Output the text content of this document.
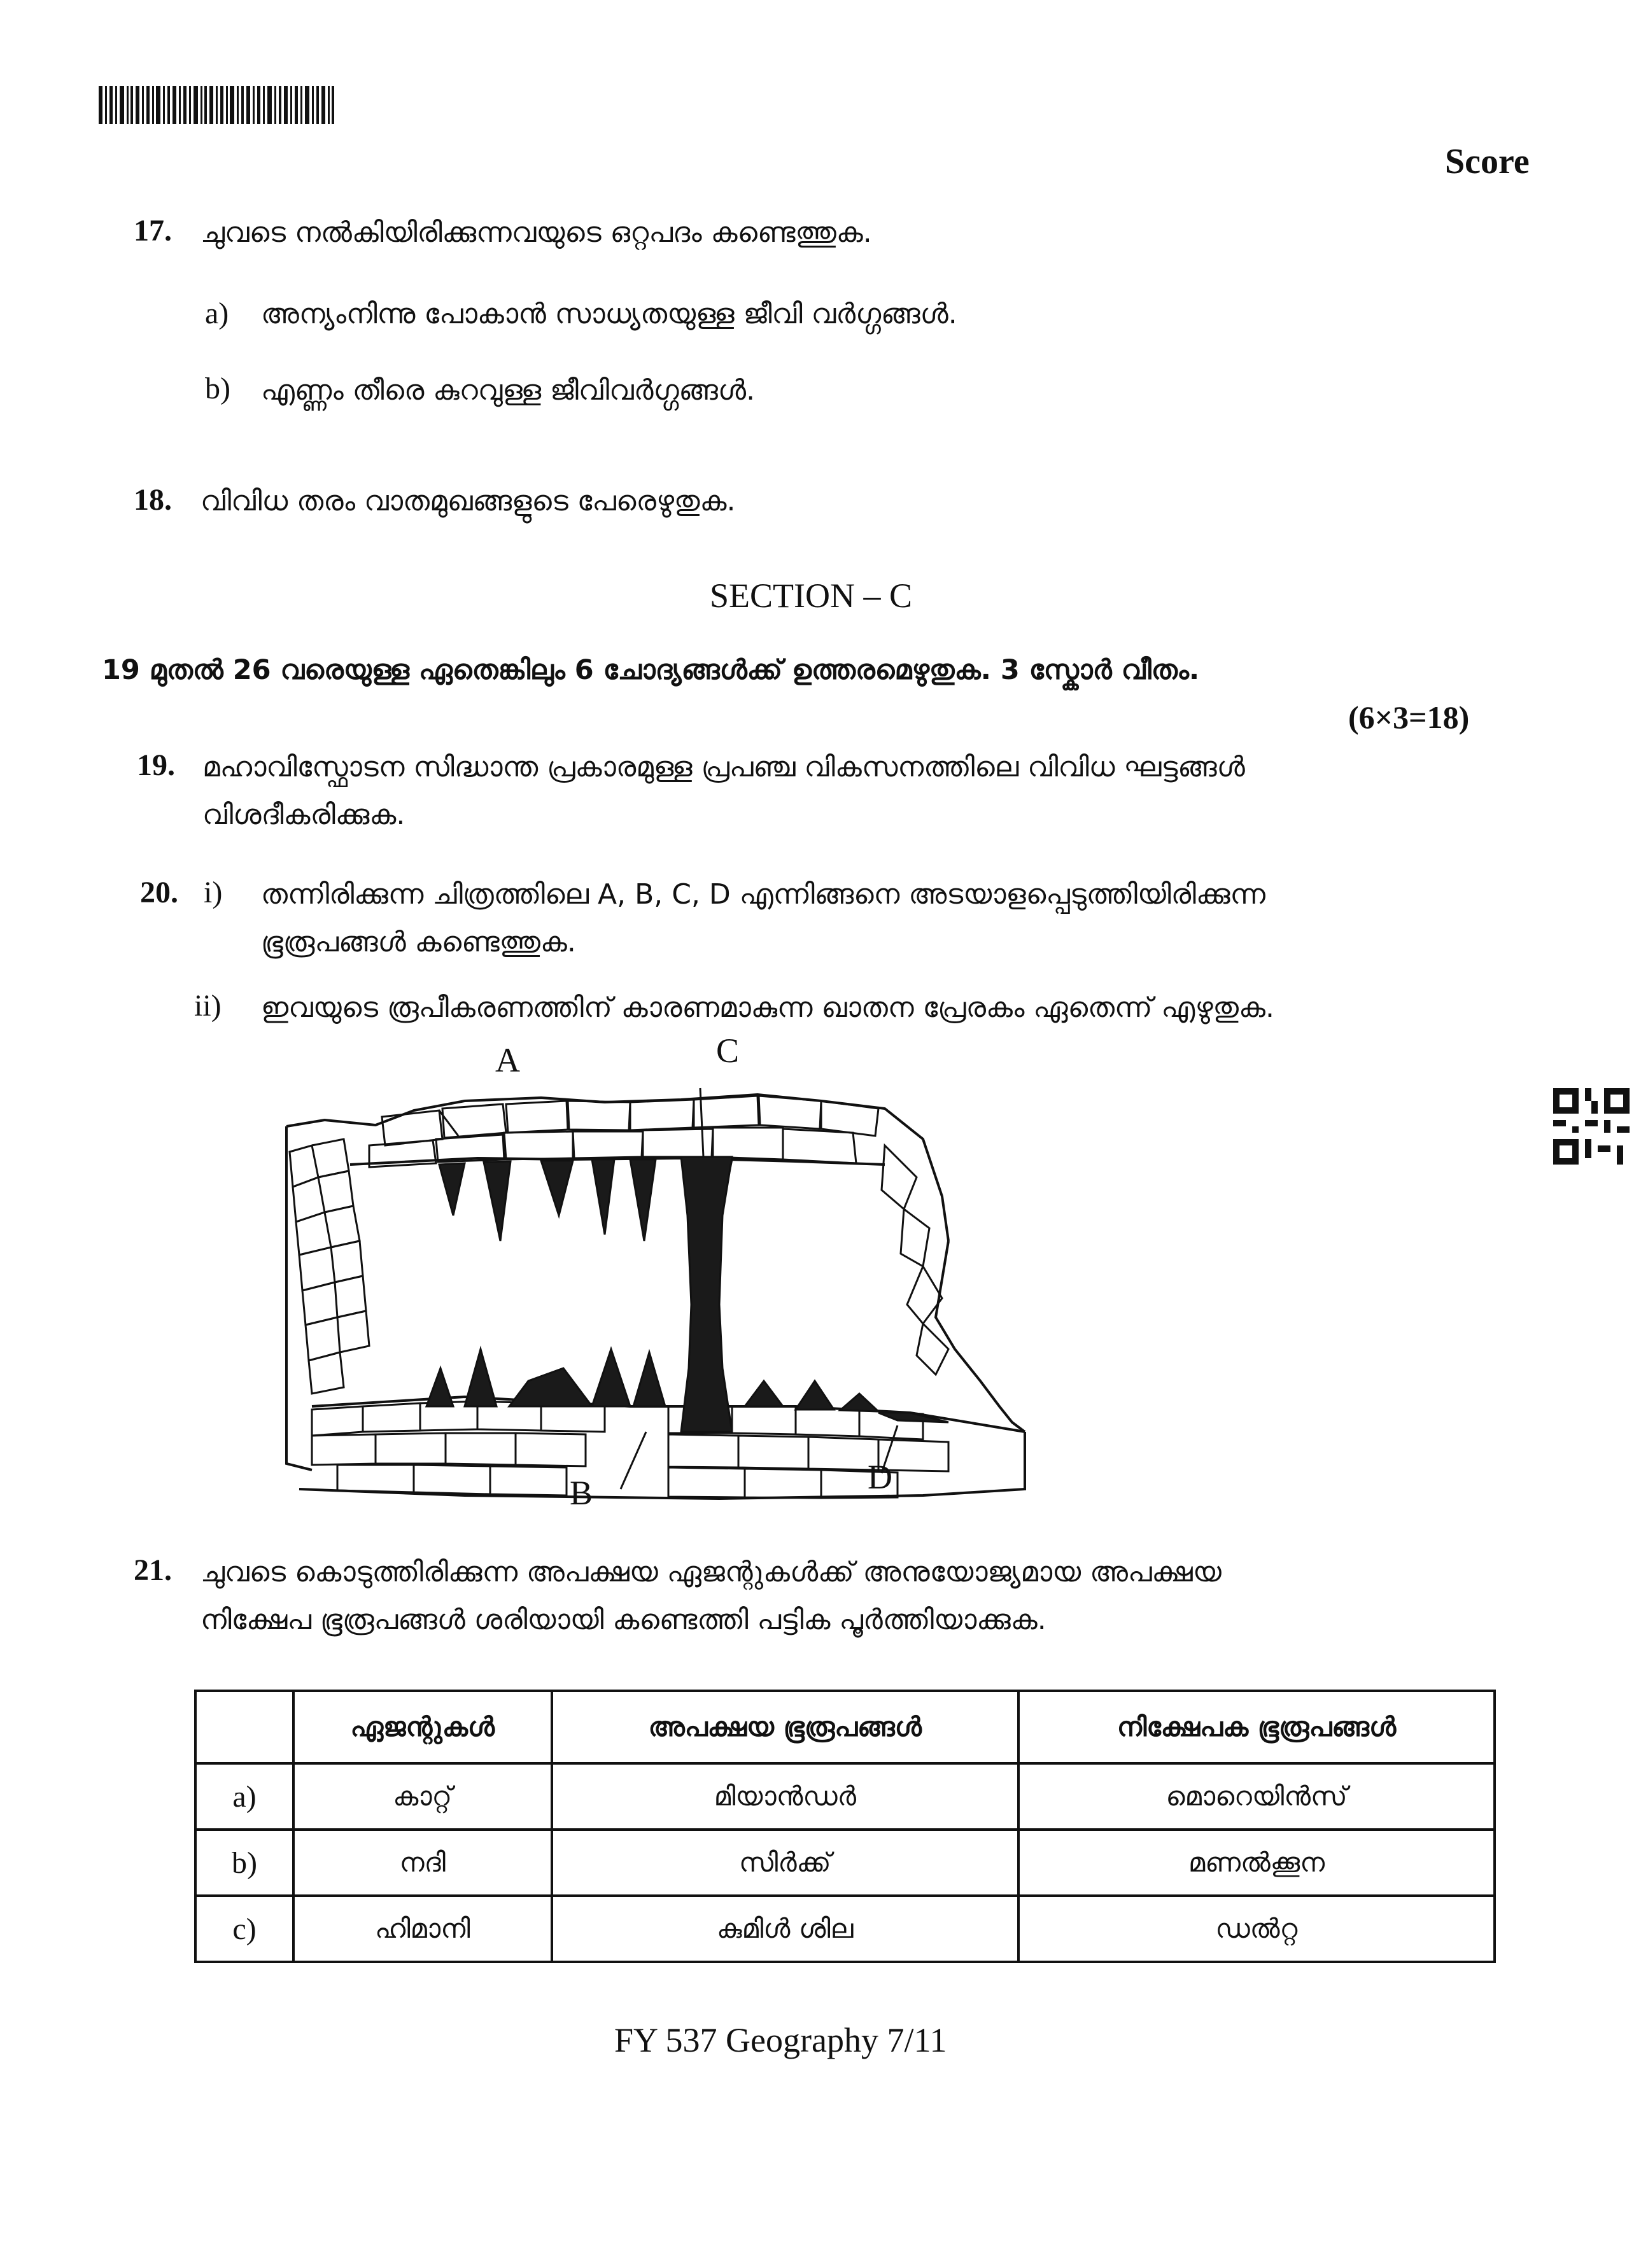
Score
17. ചുവടെ നൽകിയിരിക്കുന്നവയുടെ ഒറ്റപദം കണ്ടെത്തുക.
a) അന്യംനിന്നു പോകാൻ സാധ്യതയുള്ള ജീവി വർഗ്ഗങ്ങൾ.
b) എണ്ണം തീരെ കുറവുള്ള ജീവിവർഗ്ഗങ്ങൾ.
18. വിവിധ തരം വാതമുഖങ്ങളുടെ പേരെഴുതുക.
SECTION – C
19 മുതൽ 26 വരെയുള്ള ഏതെങ്കിലും 6 ചോദ്യങ്ങൾക്ക് ഉത്തരമെഴുതുക. 3 സ്കോർ വീതം.
(6×3=18)
19. മഹാവിസ്ഫോടന സിദ്ധാന്ത പ്രകാരമുള്ള പ്രപഞ്ച വികസനത്തിലെ വിവിധ ഘട്ടങ്ങൾ
വിശദീകരിക്കുക.
20. i) തന്നിരിക്കുന്ന ചിത്രത്തിലെ A, B, C, D എന്നിങ്ങനെ അടയാളപ്പെടുത്തിയിരിക്കുന്ന
ഭൂരൂപങ്ങൾ കണ്ടെത്തുക.
ii) ഇവയുടെ രൂപീകരണത്തിന് കാരണമാകുന്ന ഖാതന പ്രേരകം ഏതെന്ന് എഴുതുക.
A	C
B	D
21. ചുവടെ കൊടുത്തിരിക്കുന്ന അപക്ഷയ ഏജന്റുകൾക്ക് അനുയോജ്യമായ അപക്ഷയ
നിക്ഷേപ ഭൂരൂപങ്ങൾ ശരിയായി കണ്ടെത്തി പട്ടിക പൂർത്തിയാക്കുക.
	ഏജന്റുകൾ	അപക്ഷയ ഭൂരൂപങ്ങൾ	നിക്ഷേപക ഭൂരൂപങ്ങൾ
a)	കാറ്റ്	മിയാൻഡർ	മൊറെയിൻസ്
b)	നദി	സിർക്ക്	മണൽക്കൂന
c)	ഹിമാനി	കുമിൾ ശില	ഡൽറ്റ
FY 537 Geography 7/11
